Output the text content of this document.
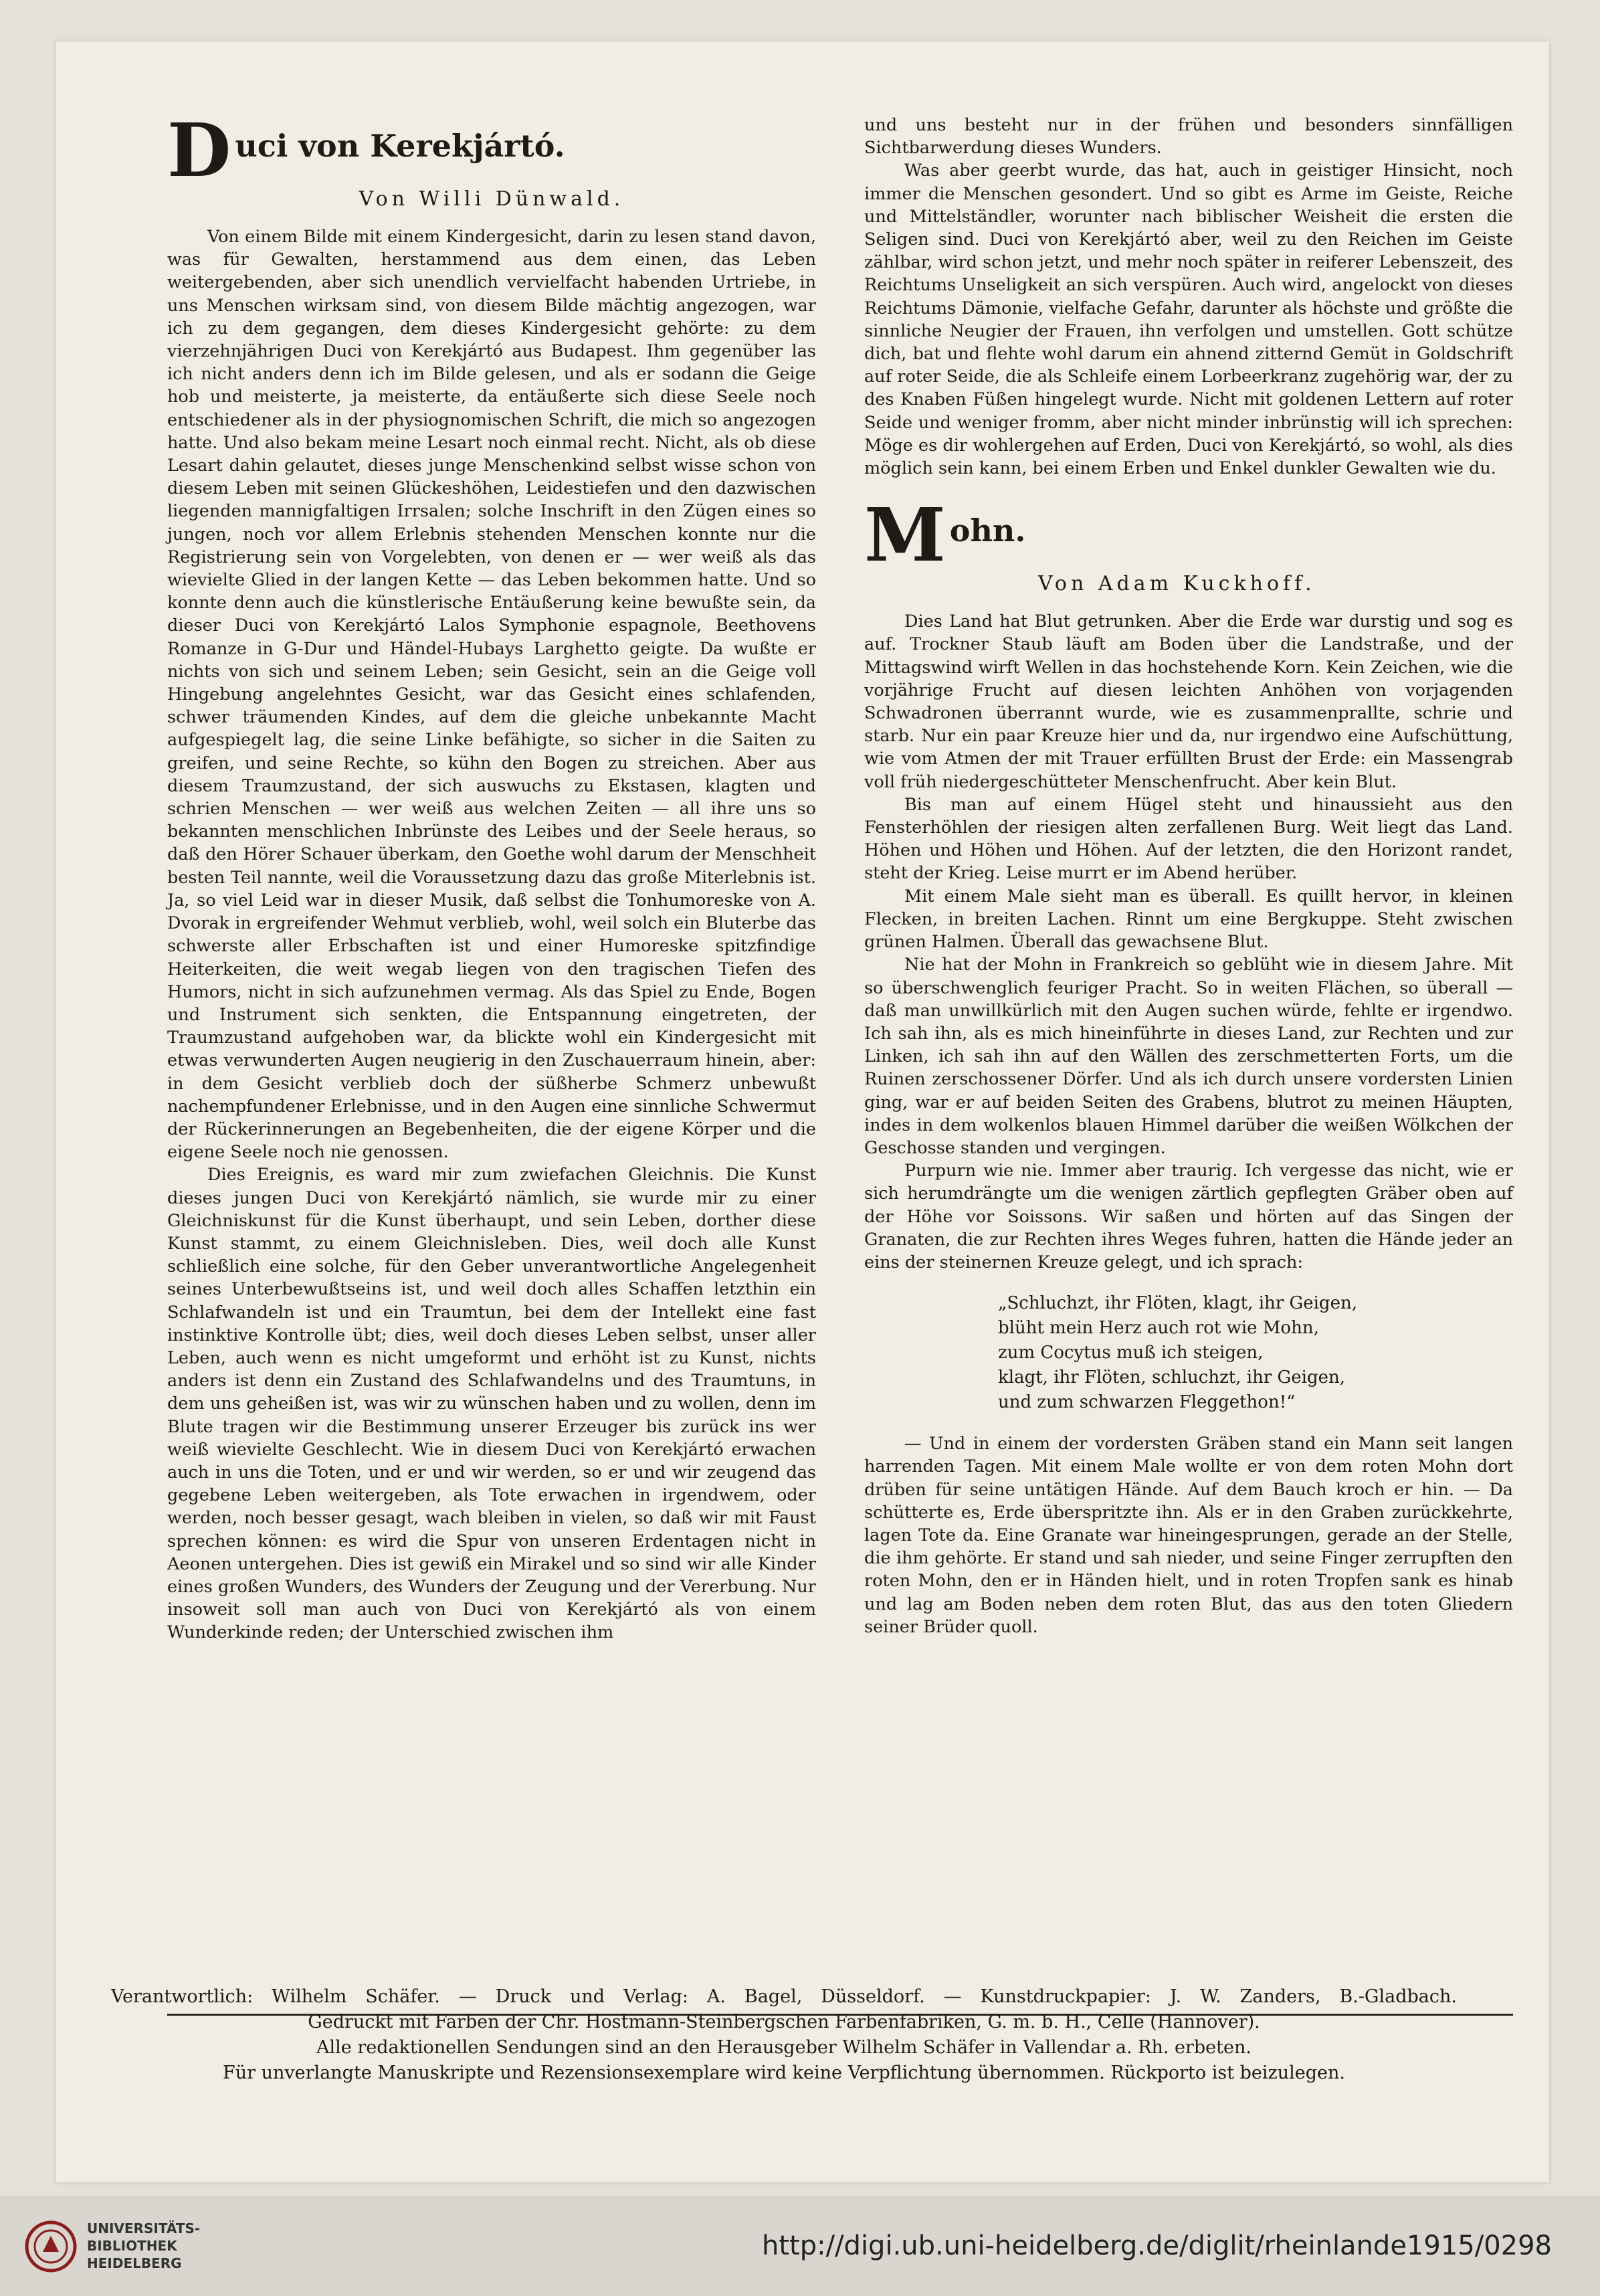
D uci von Kerekjártó.
Von Willi Dünwald.

Von einem Bilde mit einem Kindergesicht, darin zu lesen stand davon, was für Gewalten, herstammend aus dem einen, das Leben weitergebenden, aber sich unendlich vervielfacht habenden Urtriebe, in uns Menschen wirksam sind, von diesem Bilde mächtig angezogen, war ich zu dem gegangen, dem dieses Kindergesicht gehörte: zu dem vierzehnjährigen Duci von Kerekjártó aus Budapest. Ihm gegenüber las ich nicht anders denn ich im Bilde gelesen, und als er sodann die Geige hob und meisterte, ja meisterte, da entäußerte sich diese Seele noch entschiedener als in der physiognomischen Schrift, die mich so angezogen hatte. Und also bekam meine Lesart noch einmal recht. Nicht, als ob diese Lesart dahin gelautet, dieses junge Menschenkind selbst wisse schon von diesem Leben mit seinen Glückeshöhen, Leidestiefen und den dazwischen liegenden mannigfaltigen Irrsalen; solche Inschrift in den Zügen eines so jungen, noch vor allem Erlebnis stehenden Menschen konnte nur die Registrierung sein von Vorgelebten, von denen er — wer weiß als das wievielte Glied in der langen Kette — das Leben bekommen hatte. Und so konnte denn auch die künstlerische Entäußerung keine bewußte sein, da dieser Duci von Kerekjártó Lalos Symphonie espagnole, Beethovens Romanze in G-Dur und Händel-Hubays Larghetto geigte. Da wußte er nichts von sich und seinem Leben; sein Gesicht, sein an die Geige voll Hingebung angelehntes Gesicht, war das Gesicht eines schlafenden, schwer träumenden Kindes, auf dem die gleiche unbekannte Macht aufgespiegelt lag, die seine Linke befähigte, so sicher in die Saiten zu greifen, und seine Rechte, so kühn den Bogen zu streichen. Aber aus diesem Traumzustand, der sich auswuchs zu Ekstasen, klagten und schrien Menschen — wer weiß aus welchen Zeiten — all ihre uns so bekannten menschlichen Inbrünste des Leibes und der Seele heraus, so daß den Hörer Schauer überkam, den Goethe wohl darum der Menschheit besten Teil nannte, weil die Voraussetzung dazu das große Miterlebnis ist. Ja, so viel Leid war in dieser Musik, daß selbst die Tonhumoreske von A. Dvorak in ergreifender Wehmut verblieb, wohl, weil solch ein Bluterbe das schwerste aller Erbschaften ist und einer Humoreske spitzfindige Heiterkeiten, die weit wegab liegen von den tragischen Tiefen des Humors, nicht in sich aufzunehmen vermag. Als das Spiel zu Ende, Bogen und Instrument sich senkten, die Entspannung eingetreten, der Traumzustand aufgehoben war, da blickte wohl ein Kindergesicht mit etwas verwunderten Augen neugierig in den Zuschauerraum hinein, aber: in dem Gesicht verblieb doch der süßherbe Schmerz unbewußt nachempfundener Erlebnisse, und in den Augen eine sinnliche Schwermut der Rückerinnerungen an Begebenheiten, die der eigene Körper und die eigene Seele noch nie genossen.

Dies Ereignis, es ward mir zum zwiefachen Gleichnis. Die Kunst dieses jungen Duci von Kerekjártó nämlich, sie wurde mir zu einer Gleichniskunst für die Kunst überhaupt, und sein Leben, dorther diese Kunst stammt, zu einem Gleichnisleben. Dies, weil doch alle Kunst schließlich eine solche, für den Geber unverantwortliche Angelegenheit seines Unterbewußtseins ist, und weil doch alles Schaffen letzthin ein Schlafwandeln ist und ein Traumtun, bei dem der Intellekt eine fast instinktive Kontrolle übt; dies, weil doch dieses Leben selbst, unser aller Leben, auch wenn es nicht umgeformt und erhöht ist zu Kunst, nichts anders ist denn ein Zustand des Schlafwandelns und des Traumtuns, in dem uns geheißen ist, was wir zu wünschen haben und zu wollen, denn im Blute tragen wir die Bestimmung unserer Erzeuger bis zurück ins wer weiß wievielte Geschlecht. Wie in diesem Duci von Kerekjártó erwachen auch in uns die Toten, und er und wir werden, so er und wir zeugend das gegebene Leben weitergeben, als Tote erwachen in irgendwem, oder werden, noch besser gesagt, wach bleiben in vielen, so daß wir mit Faust sprechen können: es wird die Spur von unseren Erdentagen nicht in Aeonen untergehen. Dies ist gewiß ein Mirakel und so sind wir alle Kinder eines großen Wunders, des Wunders der Zeugung und der Vererbung. Nur insoweit soll man auch von Duci von Kerekjártó als von einem Wunderkinde reden; der Unterschied zwischen ihm

und uns besteht nur in der frühen und besonders sinnfälligen Sichtbarwerdung dieses Wunders.

Was aber geerbt wurde, das hat, auch in geistiger Hinsicht, noch immer die Menschen gesondert. Und so gibt es Arme im Geiste, Reiche und Mittelständler, worunter nach biblischer Weisheit die ersten die Seligen sind. Duci von Kerekjártó aber, weil zu den Reichen im Geiste zählbar, wird schon jetzt, und mehr noch später in reiferer Lebenszeit, des Reichtums Unseligkeit an sich verspüren. Auch wird, angelockt von dieses Reichtums Dämonie, vielfache Gefahr, darunter als höchste und größte die sinnliche Neugier der Frauen, ihn verfolgen und umstellen. Gott schütze dich, bat und flehte wohl darum ein ahnend zitternd Gemüt in Goldschrift auf roter Seide, die als Schleife einem Lorbeerkranz zugehörig war, der zu des Knaben Füßen hingelegt wurde. Nicht mit goldenen Lettern auf roter Seide und weniger fromm, aber nicht minder inbrünstig will ich sprechen: Möge es dir wohlergehen auf Erden, Duci von Kerekjártó, so wohl, als dies möglich sein kann, bei einem Erben und Enkel dunkler Gewalten wie du.

M ohn.
Von Adam Kuckhoff.

Dies Land hat Blut getrunken. Aber die Erde war durstig und sog es auf. Trockner Staub läuft am Boden über die Landstraße, und der Mittagswind wirft Wellen in das hochstehende Korn. Kein Zeichen, wie die vorjährige Frucht auf diesen leichten Anhöhen von vorjagenden Schwadronen überrannt wurde, wie es zusammenprallte, schrie und starb. Nur ein paar Kreuze hier und da, nur irgendwo eine Aufschüttung, wie vom Atmen der mit Trauer erfüllten Brust der Erde: ein Massengrab voll früh niedergeschütteter Menschenfrucht. Aber kein Blut.

Bis man auf einem Hügel steht und hinaussieht aus den Fensterhöhlen der riesigen alten zerfallenen Burg. Weit liegt das Land. Höhen und Höhen und Höhen. Auf der letzten, die den Horizont randet, steht der Krieg. Leise murrt er im Abend herüber.

Mit einem Male sieht man es überall. Es quillt hervor, in kleinen Flecken, in breiten Lachen. Rinnt um eine Bergkuppe. Steht zwischen grünen Halmen. Überall das gewachsene Blut.

Nie hat der Mohn in Frankreich so geblüht wie in diesem Jahre. Mit so überschwenglich feuriger Pracht. So in weiten Flächen, so überall — daß man unwillkürlich mit den Augen suchen würde, fehlte er irgendwo. Ich sah ihn, als es mich hineinführte in dieses Land, zur Rechten und zur Linken, ich sah ihn auf den Wällen des zerschmetterten Forts, um die Ruinen zerschossener Dörfer. Und als ich durch unsere vordersten Linien ging, war er auf beiden Seiten des Grabens, blutrot zu meinen Häupten, indes in dem wolkenlos blauen Himmel darüber die weißen Wölkchen der Geschosse standen und vergingen.

Purpurn wie nie. Immer aber traurig. Ich vergesse das nicht, wie er sich herumdrängte um die wenigen zärtlich gepflegten Gräber oben auf der Höhe vor Soissons. Wir saßen und hörten auf das Singen der Granaten, die zur Rechten ihres Weges fuhren, hatten die Hände jeder an eins der steinernen Kreuze gelegt, und ich sprach:

„Schluchzt, ihr Flöten, klagt, ihr Geigen,
blüht mein Herz auch rot wie Mohn,
zum Cocytus muß ich steigen,
klagt, ihr Flöten, schluchzt, ihr Geigen,
und zum schwarzen Fleggethon!“

— Und in einem der vordersten Gräben stand ein Mann seit langen harrenden Tagen. Mit einem Male wollte er von dem roten Mohn dort drüben für seine untätigen Hände. Auf dem Bauch kroch er hin. — Da schütterte es, Erde überspritzte ihn. Als er in den Graben zurückkehrte, lagen Tote da. Eine Granate war hineingesprungen, gerade an der Stelle, die ihm gehörte. Er stand und sah nieder, und seine Finger zerrupften den roten Mohn, den er in Händen hielt, und in roten Tropfen sank es hinab und lag am Boden neben dem roten Blut, das aus den toten Gliedern seiner Brüder quoll.

Verantwortlich: Wilhelm Schäfer. — Druck und Verlag: A. Bagel, Düsseldorf. — Kunstdruckpapier: J. W. Zanders, B.-Gladbach.
Gedruckt mit Farben der Chr. Hostmann-Steinbergschen Farbenfabriken, G. m. b. H., Celle (Hannover).
Alle redaktionellen Sendungen sind an den Herausgeber Wilhelm Schäfer in Vallendar a. Rh. erbeten.
Für unverlangte Manuskripte und Rezensionsexemplare wird keine Verpflichtung übernommen. Rückporto ist beizulegen.
UNIVERSITÄTS-
BIBLIOTHEK
HEIDELBERG
http://digi.ub.uni-heidelberg.de/diglit/rheinlande1915/0298
